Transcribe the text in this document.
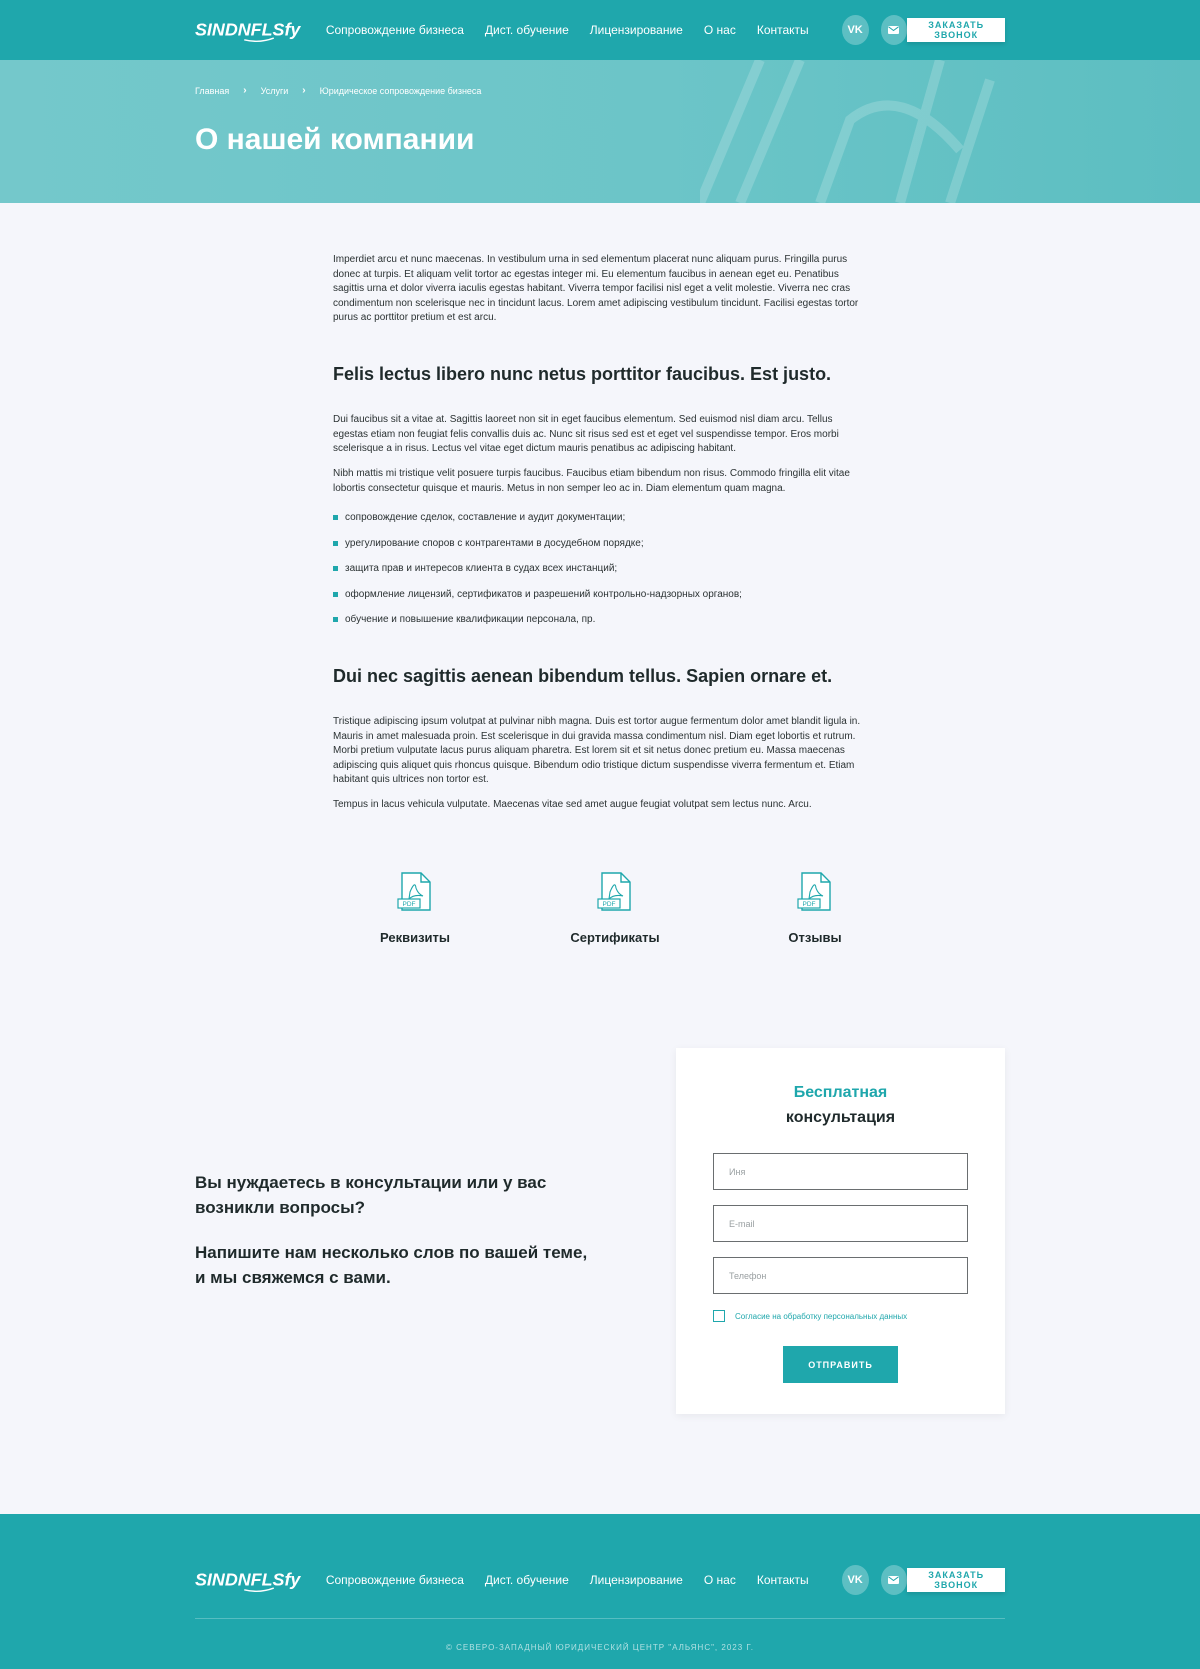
SINDNFLSfy Сопровождение бизнеса Дист. обучение Лицензирование О нас Контакты	VK	ЗАКАЗАТЬ ЗВОНОК
Главная › Услуги › Юридическое сопровождение бизнеса
О нашей компании

Imperdiet arcu et nunc maecenas. In vestibulum urna in sed elementum placerat nunc aliquam purus. Fringilla purus donec at turpis. Et aliquam velit tortor ac egestas integer mi. Eu elementum faucibus in aenean eget eu. Penatibus sagittis urna et dolor viverra iaculis egestas habitant. Viverra tempor facilisi nisl eget a velit molestie. Viverra nec cras condimentum non scelerisque nec in tincidunt lacus. Lorem amet adipiscing vestibulum tincidunt. Facilisi egestas tortor purus ac porttitor pretium et est arcu.

Felis lectus libero nunc netus porttitor faucibus. Est justo.

Dui faucibus sit a vitae at. Sagittis laoreet non sit in eget faucibus elementum. Sed euismod nisl diam arcu. Tellus egestas etiam non feugiat felis convallis duis ac. Nunc sit risus sed est et eget vel suspendisse tempor. Eros morbi scelerisque a in risus. Lectus vel vitae eget dictum mauris penatibus ac adipiscing habitant.

Nibh mattis mi tristique velit posuere turpis faucibus. Faucibus etiam bibendum non risus. Commodo fringilla elit vitae lobortis consectetur quisque et mauris. Metus in non semper leo ac in. Diam elementum quam magna.

сопровождение сделок, составление и аудит документации;
урегулирование споров с контрагентами в досудебном порядке;
защита прав и интересов клиента в судах всех инстанций;
оформление лицензий, сертификатов и разрешений контрольно-надзорных органов;
обучение и повышение квалификации персонала, пр.
Dui nec sagittis aenean bibendum tellus. Sapien ornare et.

Tristique adipiscing ipsum volutpat at pulvinar nibh magna. Duis est tortor augue fermentum dolor amet blandit ligula in. Mauris in amet malesuada proin. Est scelerisque in dui gravida massa condimentum nisl. Diam eget lobortis et rutrum. Morbi pretium vulputate lacus purus aliquam pharetra. Est lorem sit et sit netus donec pretium eu. Massa maecenas adipiscing quis aliquet quis rhoncus quisque. Bibendum odio tristique dictum suspendisse viverra fermentum et. Etiam habitant quis ultrices non tortor est.

Tempus in lacus vehicula vulputate. Maecenas vitae sed amet augue feugiat volutpat sem lectus nunc. Arcu.

PDF
Реквизиты
PDF
Сертификаты
PDF
Отзывы
Вы нуждаетесь в консультации или у вас возникли вопросы?
Напишите нам несколько слов по вашей теме, и мы свяжемся с вами.
Бесплатная
консультация
Иня
E-mail
Телефон
Согласие на обработку персональных данных
ОТПРАВИТЬ
SINDNFLSfy Сопровождение бизнеса Дист. обучение Лицензирование О нас Контакты	VK	ЗАКАЗАТЬ ЗВОНОК
© СЕВЕРО-ЗАПАДНЫЙ ЮРИДИЧЕСКИЙ ЦЕНТР "АЛЬЯНС", 2023 Г.
